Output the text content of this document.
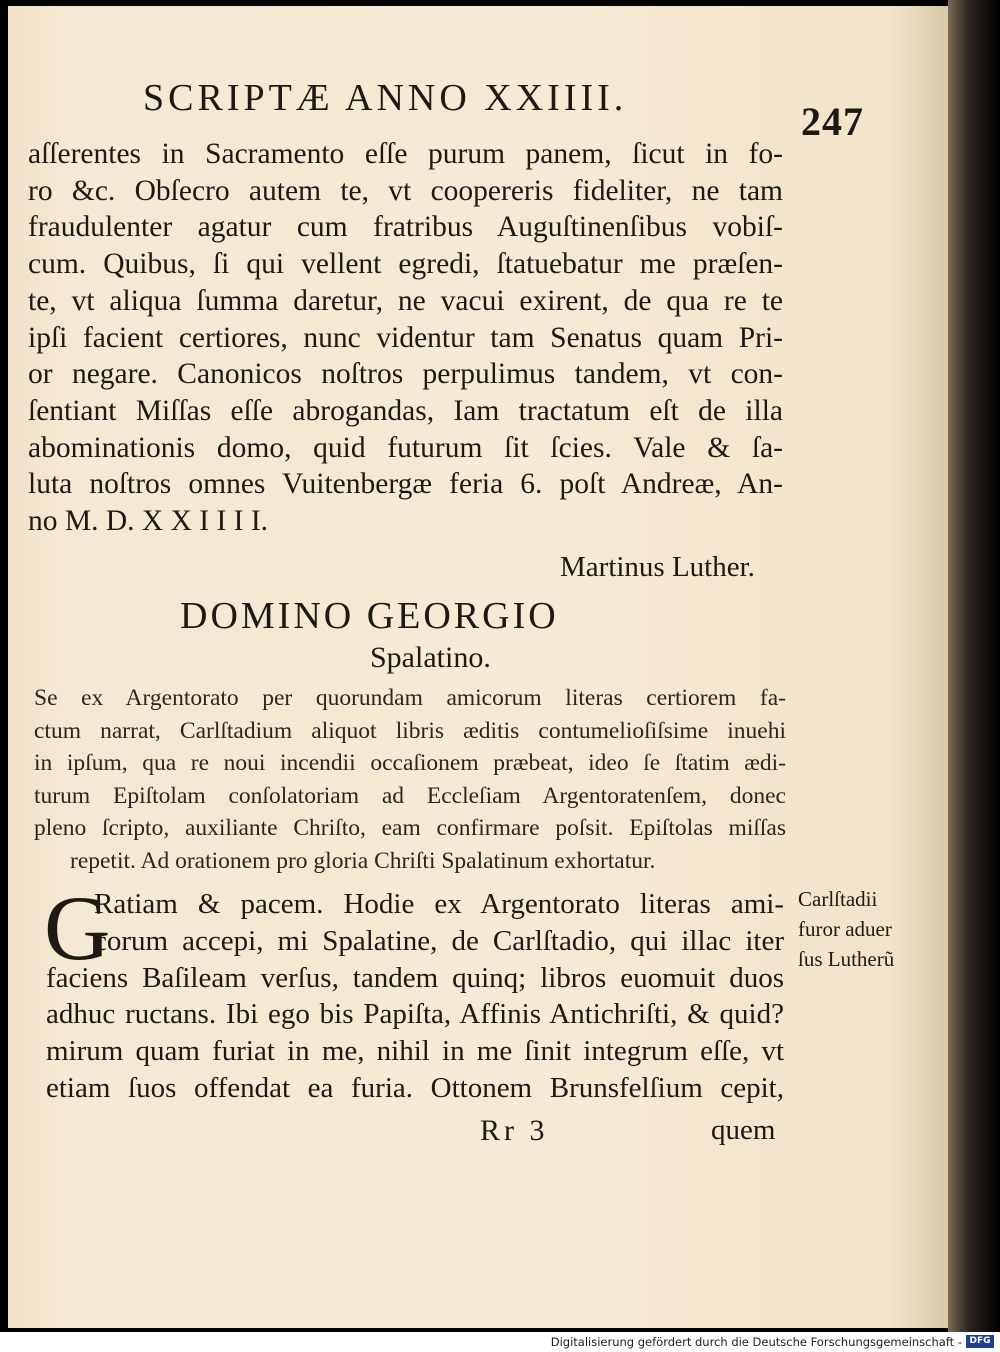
SCRIPTÆ ANNO XXIIII.
247
aſſerentes in Sacramento eſſe purum panem, ſicut in fo-
ro &c. Obſecro autem te, vt coopereris fideliter, ne tam
fraudulenter agatur cum fratribus Auguſtinenſibus vobiſ-
cum. Quibus, ſi qui vellent egredi, ſtatuebatur me præſen-
te, vt aliqua ſumma daretur, ne vacui exirent, de qua re te
ipſi facient certiores, nunc videntur tam Senatus quam Pri-
or negare. Canonicos noſtros perpulimus tandem, vt con-
ſentiant Miſſas eſſe abrogandas, Iam tractatum eſt de illa
abominationis domo, quid futurum ſit ſcies. Vale & ſa-
luta noſtros omnes Vuitenbergæ feria 6. poſt Andreæ, An-
no M. D. X X I I I I.
Martinus Luther.
DOMINO GEORGIO
Spalatino.
Se ex Argentorato per quorundam amicorum literas certiorem fa-
ctum narrat, Carlſtadium aliquot libris æditis contumelioſiſsime inuehi
in ipſum, qua re noui incendii occaſionem præbeat, ideo ſe ſtatim ædi-
turum Epiſtolam conſolatoriam ad Eccleſiam Argentoratenſem, donec
pleno ſcripto, auxiliante Chriſto, eam confirmare poſsit. Epiſtolas miſſas
repetit. Ad orationem pro gloria Chriſti Spalatinum exhortatur.
G
Ratiam & pacem. Hodie ex Argentorato literas ami-
corum accepi, mi Spalatine, de Carlſtadio, qui illac iter
faciens Baſileam verſus, tandem quinq; libros euomuit duos
adhuc ructans. Ibi ego bis Papiſta, Affinis Antichriſti, & quid?
mirum quam furiat in me, nihil in me ſinit integrum eſſe, vt
etiam ſuos offendat ea furia. Ottonem Brunsfelſium cepit,
Carlſtadii
furor aduer
ſus Lutherũ
Rr 3	quem
Digitalisierung gefördert durch die Deutsche Forschungsgemeinschaft - DFG
